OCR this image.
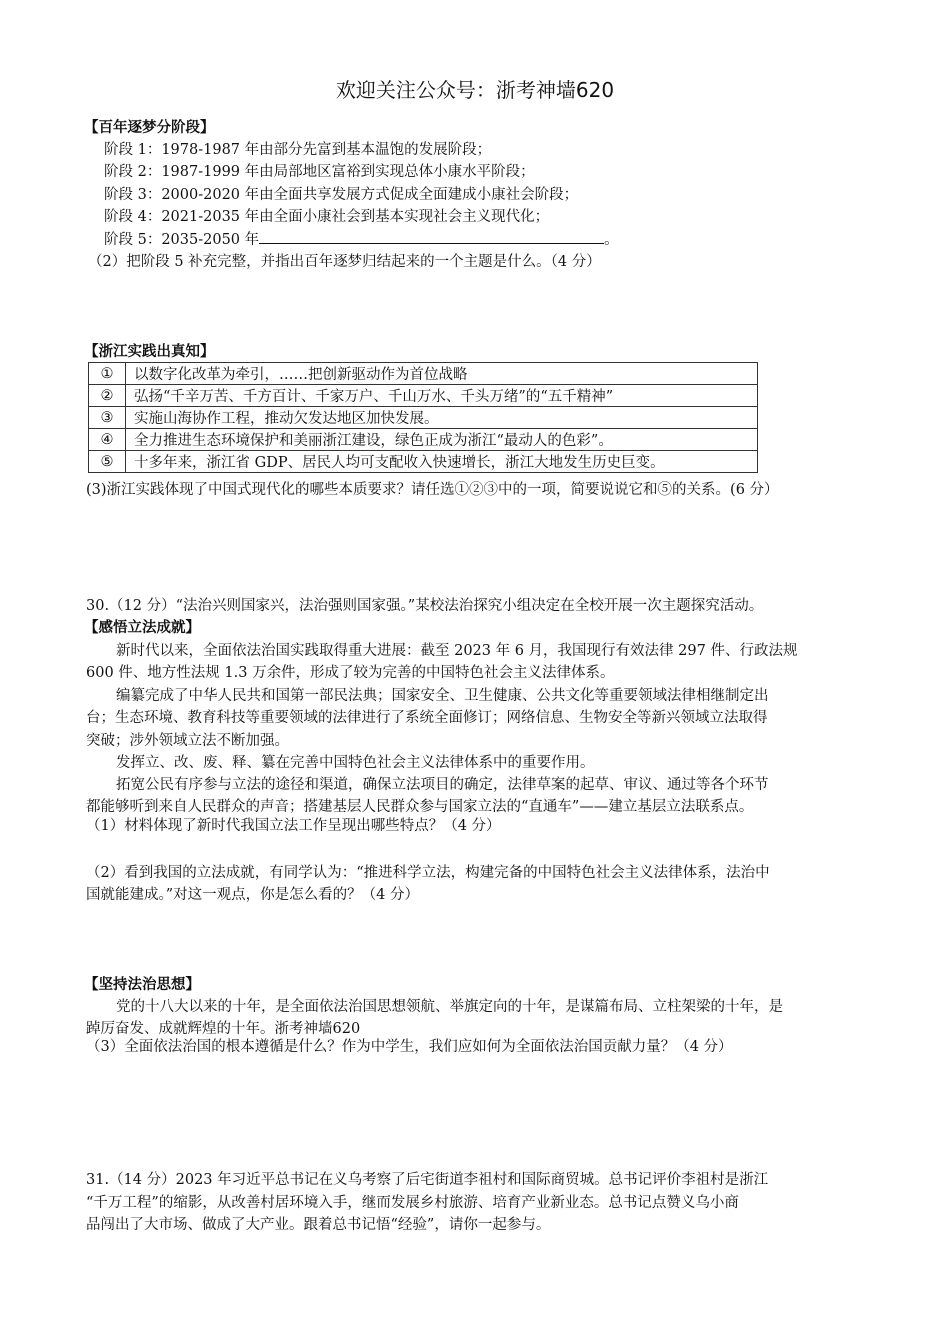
欢迎关注公众号：浙考神墙620
【百年逐梦分阶段】
阶段 1：1978-1987 年由部分先富到基本温饱的发展阶段；
阶段 2：1987-1999 年由局部地区富裕到实现总体小康水平阶段；
阶段 3：2000-2020 年由全面共享发展方式促成全面建成小康社会阶段；
阶段 4：2021-2035 年由全面小康社会到基本实现社会主义现代化；
阶段 5：2035-2050 年	。
（2）把阶段 5 补充完整，并指出百年逐梦归结起来的一个主题是什么。（4 分）
【浙江实践出真知】
①	以数字化改革为牵引，……把创新驱动作为首位战略
②	弘扬“千辛万苦、千方百计、千家万户、千山万水、千头万绪”的“五千精神”
③	实施山海协作工程，推动欠发达地区加快发展。
④	全力推进生态环境保护和美丽浙江建设，绿色正成为浙江“最动人的色彩”。
⑤	十多年来，浙江省 GDP、居民人均可支配收入快速增长，浙江大地发生历史巨变。
(3)浙江实践体现了中国式现代化的哪些本质要求？请任选①②③中的一项，简要说说它和⑤的关系。(6 分）
30.（12 分）“法治兴则国家兴，法治强则国家强。”某校法治探究小组决定在全校开展一次主题探究活动。
【感悟立法成就】
新时代以来，全面依法治国实践取得重大进展：截至 2023 年 6 月，我国现行有效法律 297 件、行政法规
600 件、地方性法规 1.3 万余件，形成了较为完善的中国特色社会主义法律体系。
编纂完成了中华人民共和国第一部民法典；国家安全、卫生健康、公共文化等重要领域法律相继制定出
台；生态环境、教育科技等重要领域的法律进行了系统全面修订；网络信息、生物安全等新兴领域立法取得
突破；涉外领域立法不断加强。
发挥立、改、废、释、纂在完善中国特色社会主义法律体系中的重要作用。
拓宽公民有序参与立法的途径和渠道，确保立法项目的确定，法律草案的起草、审议、通过等各个环节
都能够听到来自人民群众的声音；搭建基层人民群众参与国家立法的“直通车”——建立基层立法联系点。
（1）材料体现了新时代我国立法工作呈现出哪些特点？（4 分）
（2）看到我国的立法成就，有同学认为：“推进科学立法，构建完备的中国特色社会主义法律体系，法治中
国就能建成。”对这一观点，你是怎么看的？（4 分）
【坚持法治思想】
党的十八大以来的十年，是全面依法治国思想领航、举旗定向的十年，是谋篇布局、立柱架梁的十年，是
踔厉奋发、成就辉煌的十年。浙考神墙620
（3）全面依法治国的根本遵循是什么？作为中学生，我们应如何为全面依法治国贡献力量？（4 分）
31.（14 分）2023 年习近平总书记在义乌考察了后宅街道李祖村和国际商贸城。总书记评价李祖村是浙江
“千万工程”的缩影，从改善村居环境入手，继而发展乡村旅游、培育产业新业态。总书记点赞义乌小商
品闯出了大市场、做成了大产业。跟着总书记悟“经验”，请你一起参与。
